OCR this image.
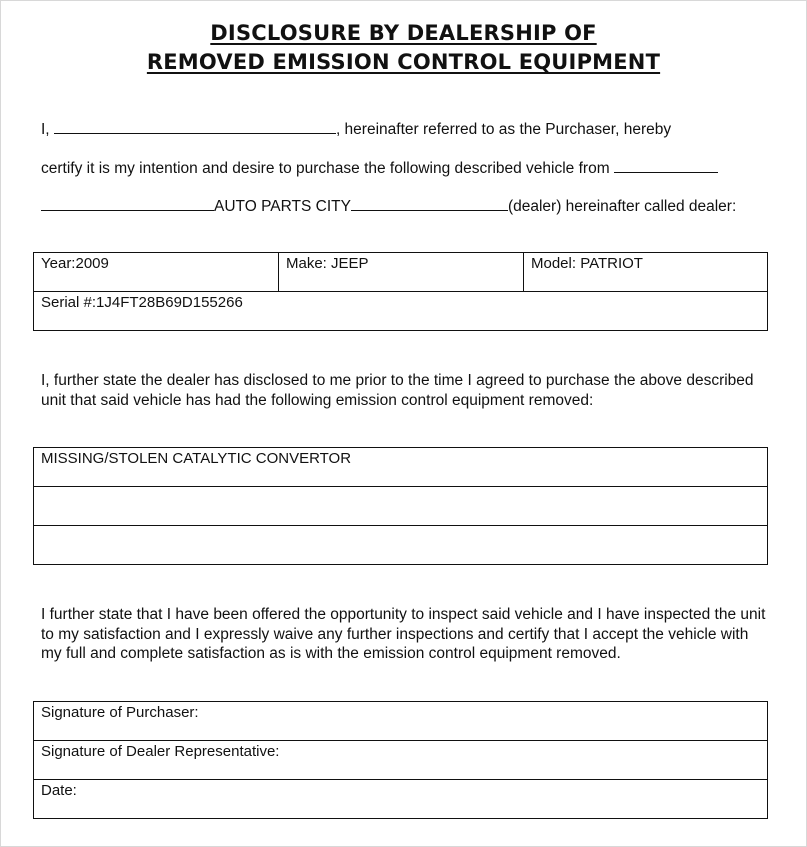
DISCLOSURE BY DEALERSHIP OF
REMOVED EMISSION CONTROL EQUIPMENT
I,	, hereinafter referred to as the Purchaser, hereby
certify it is my intention and desire to purchase the following described vehicle from
AUTO PARTS CITY	(dealer) hereinafter called dealer:
Year:2009	Make: JEEP	Model: PATRIOT
Serial #:1J4FT28B69D155266

I, further state the dealer has disclosed to me prior to the time I agreed to purchase the above described unit that said vehicle has had the following emission control equipment removed:

MISSING/STOLEN CATALYTIC CONVERTOR

I further state that I have been offered the opportunity to inspect said vehicle and I have inspected the unit to my satisfaction and I expressly waive any further inspections and certify that I accept the vehicle with my full and complete satisfaction as is with the emission control equipment removed.

Signature of Purchaser:
Signature of Dealer Representative:
Date:
